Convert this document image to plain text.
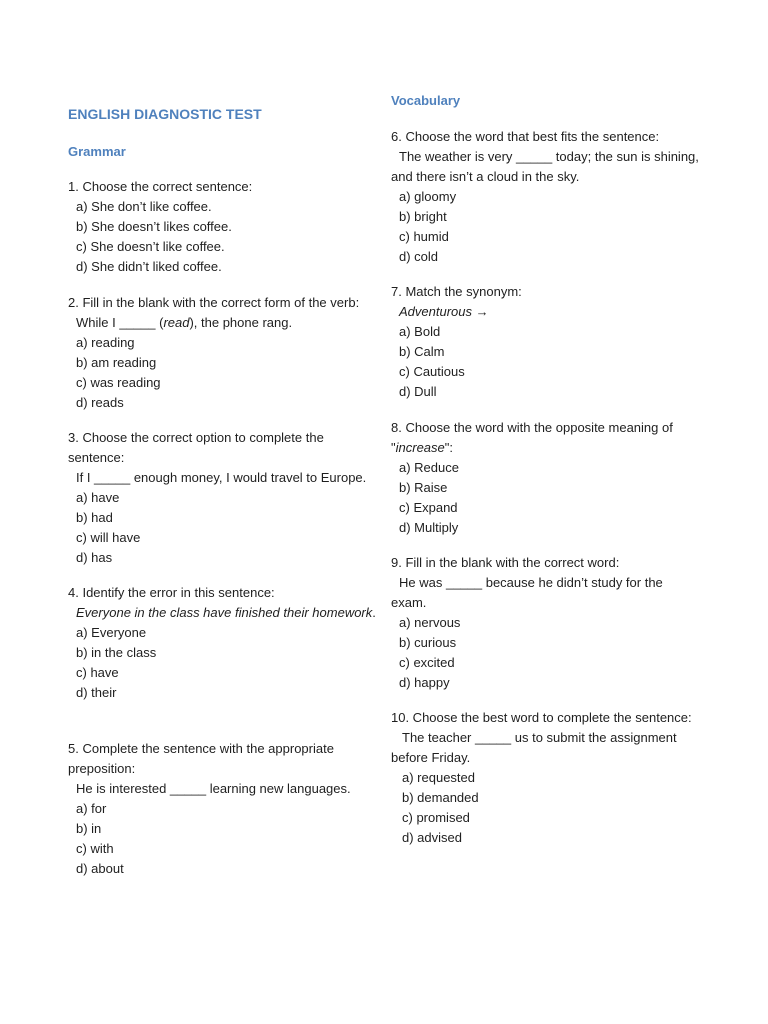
ENGLISH DIAGNOSTIC TEST
Grammar

1. Choose the correct sentence:

a) She don’t like coffee.

b) She doesn’t likes coffee.

c) She doesn’t like coffee.

d) She didn’t liked coffee.

2. Fill in the blank with the correct form of the verb:

While I _____ (read), the phone rang.

a) reading

b) am reading

c) was reading

d) reads

3. Choose the correct option to complete the sentence:

If I _____ enough money, I would travel to Europe.

a) have

b) had

c) will have

d) has

4. Identify the error in this sentence:

Everyone in the class have finished their homework.

a) Everyone

b) in the class

c) have

d) their

5. Complete the sentence with the appropriate preposition:

He is interested _____ learning new languages.

a) for

b) in

c) with

d) about

Vocabulary

6. Choose the word that best fits the sentence:

The weather is very _____ today; the sun is shining, and there isn’t a cloud in the sky.

a) gloomy

b) bright

c) humid

d) cold

7. Match the synonym:

Adventurous →

a) Bold

b) Calm

c) Cautious

d) Dull

8. Choose the word with the opposite meaning of "increase":

a) Reduce

b) Raise

c) Expand

d) Multiply

9. Fill in the blank with the correct word:

He was _____ because he didn’t study for the exam.

a) nervous

b) curious

c) excited

d) happy

10. Choose the best word to complete the sentence:

The teacher _____ us to submit the assignment before Friday.

a) requested

b) demanded

c) promised

d) advised
